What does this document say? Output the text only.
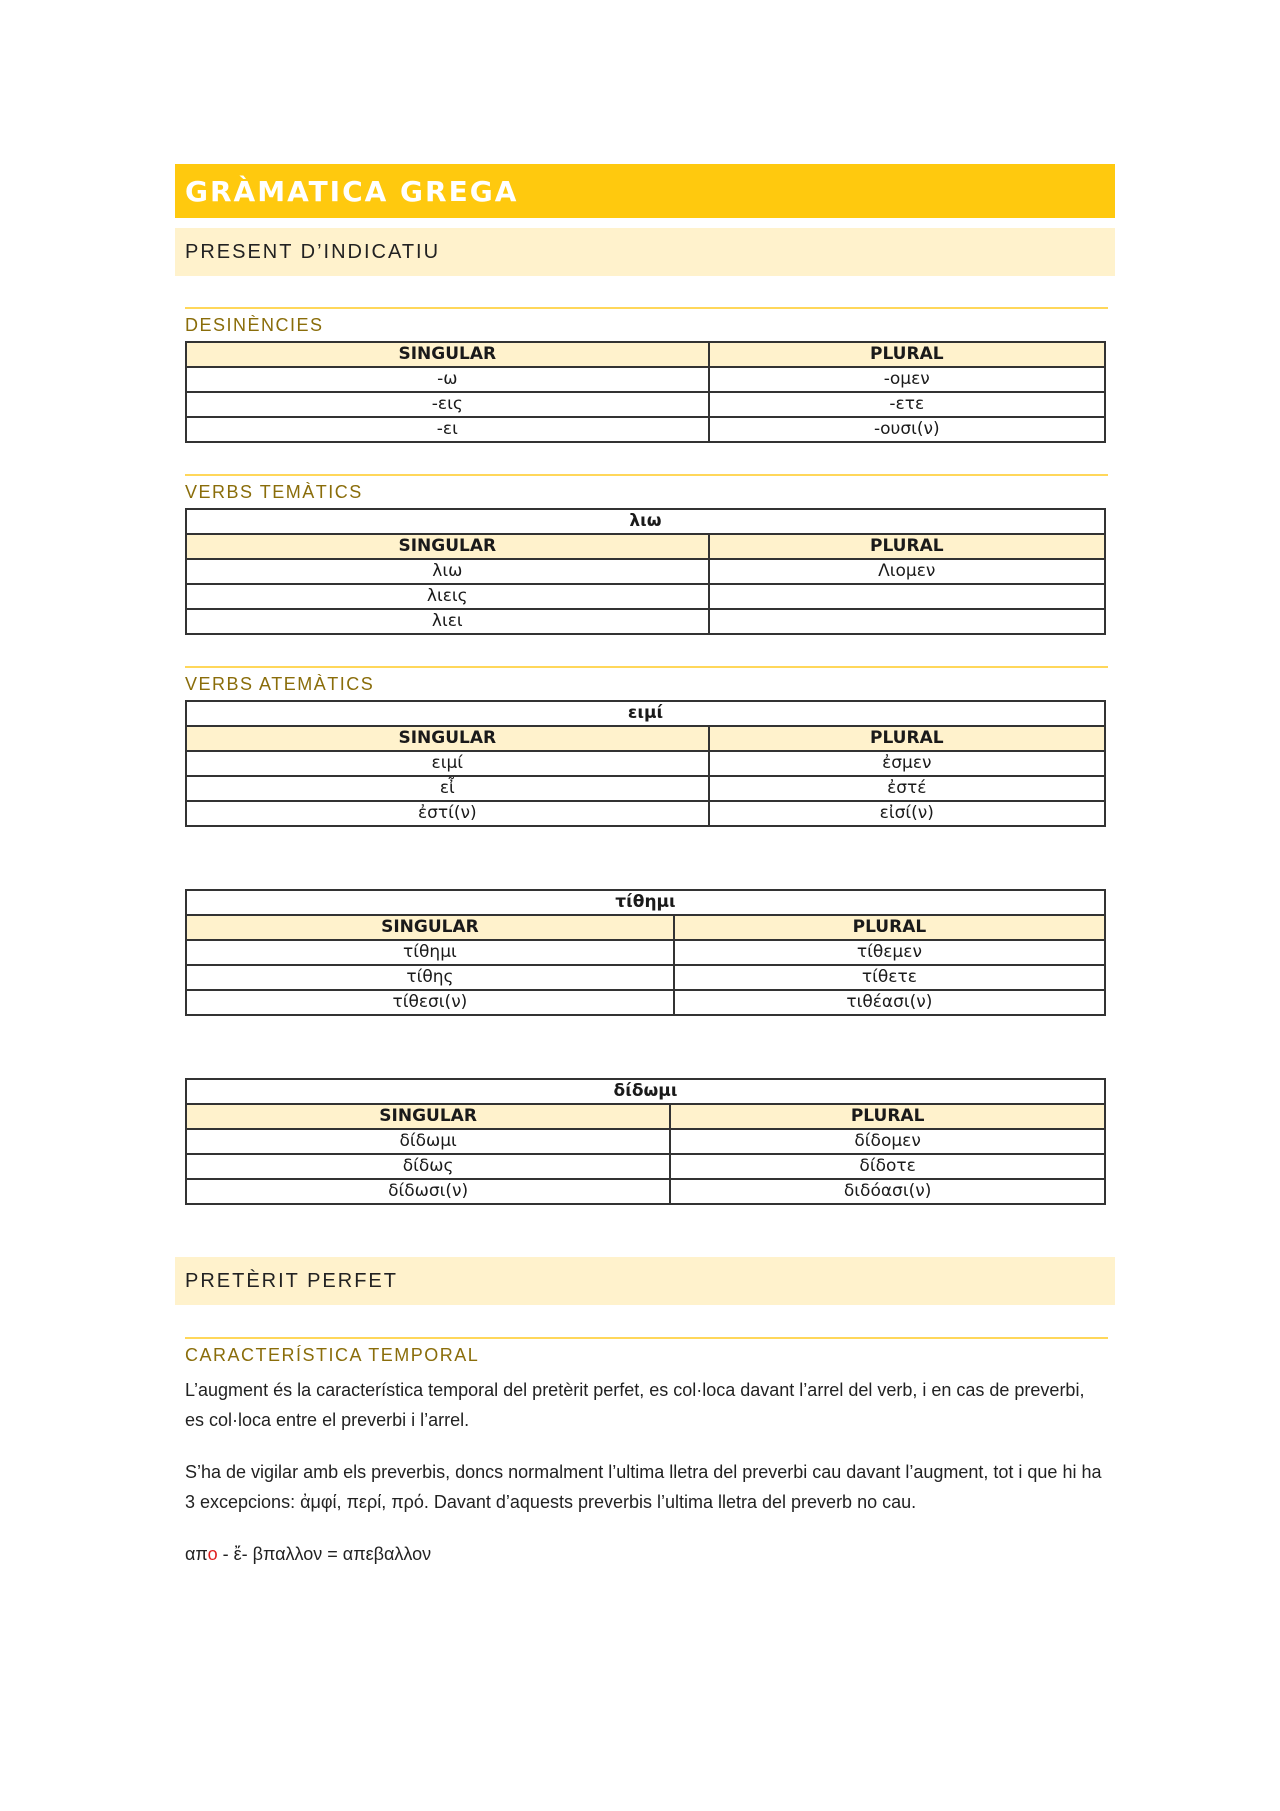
GRÀMATICA GREGA
PRESENT D’INDICATIU
DESINÈNCIES
SINGULAR	PLURAL
-ω	-ομεν
-εις	-ετε
-ει	-ουσι(ν)
VERBS TEMÀTICS
λιω	
SINGULAR	PLURAL
λιω	Λιομεν
λιεις	
λιει	
VERBS ATEMÀTICS
ειμί	
SINGULAR	PLURAL
ειμί	ἐσμεν
εἶ	ἐστέ
ἐστί(ν)	εἰσί(ν)
τίθημι	
SINGULAR	PLURAL
τίθημι	τίθεμεν
τίθης	τίθετε
τίθεσι(ν)	τιθέασι(ν)
δίδωμι	
SINGULAR	PLURAL
δίδωμι	δίδομεν
δίδως	δίδοτε
δίδωσι(ν)	διδόασι(ν)
PRETÈRIT PERFET
CARACTERÍSTICA TEMPORAL

L’augment és la característica temporal del pretèrit perfet, es col·loca davant l’arrel del verb, i en cas de preverbi, es col·loca entre el preverbi i l’arrel.

S’ha de vigilar amb els preverbis, doncs normalment l’ultima lletra del preverbi cau davant l’augment, tot i que hi ha 3 excepcions: ἀμφί, περί, πρό. Davant d’aquests preverbis l’ultima lletra del preverb no cau.

απο - ἔ- βπαλλον = απεβαλλον
